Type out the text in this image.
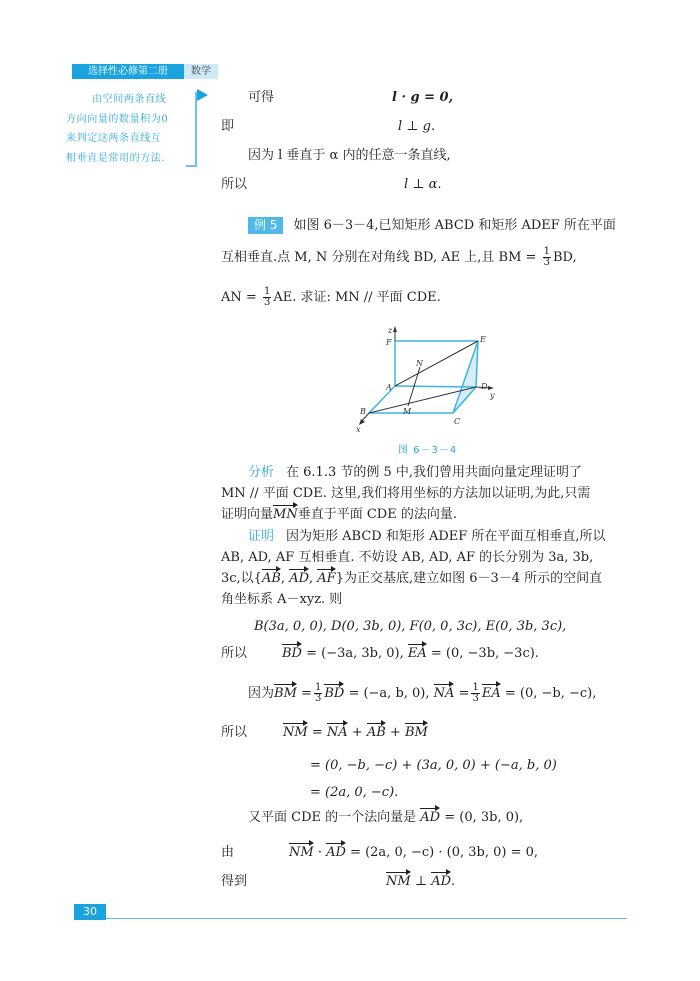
选择性必修第二册	数学
由空间两条直线
方向向量的数量积为0
来判定这两条直线互
相垂直是常用的方法.
可得	l · g = 0,
即	l ⊥ g.
因为 l 垂直于 α 内的任意一条直线,
所以	l ⊥ α.
例 5 如图 6－3－4,已知矩形 ABCD 和矩形 ADEF 所在平面
互相垂直.点 M, N 分别在对角线 BD, AE 上,且 BM = $\frac{1}{3}$ BD,
AN = $\frac{1}{3}$ AE. 求证: MN // 平面 CDE.
z
F	E
N
A	D
y
B	M
C
x
图 6－3－4
分析 在 6.1.3 节的例 5 中,我们曾用共面向量定理证明了
MN // 平面 CDE. 这里,我们将用坐标的方法加以证明,为此,只需
证明向量MN垂直于平面 CDE 的法向量.
证明 因为矩形 ABCD 和矩形 ADEF 所在平面互相垂直,所以
AB, AD, AF 互相垂直. 不妨设 AB, AD, AF 的长分别为 3a, 3b,
3c,以{AB, AD, AF}为正交基底,建立如图 6－3－4 所示的空间直
角坐标系 A－xyz. 则
B(3a, 0, 0), D(0, 3b, 0), F(0, 0, 3c), E(0, 3b, 3c),
所以	BD = (−3a, 3b, 0), EA = (0, −3b, −3c).
因为BM = $\frac{1}{3}$ BD = (−a, b, 0), NA = $\frac{1}{3}$ EA = (0, −b, −c),
所以	NM = NA + AB + BM
= (0, −b, −c) + (3a, 0, 0) + (−a, b, 0)
= (2a, 0, −c).
又平面 CDE 的一个法向量是 AD = (0, 3b, 0),
由	NM · AD = (2a, 0, −c) · (0, 3b, 0) = 0,
得到	NM ⊥ AD.
30
